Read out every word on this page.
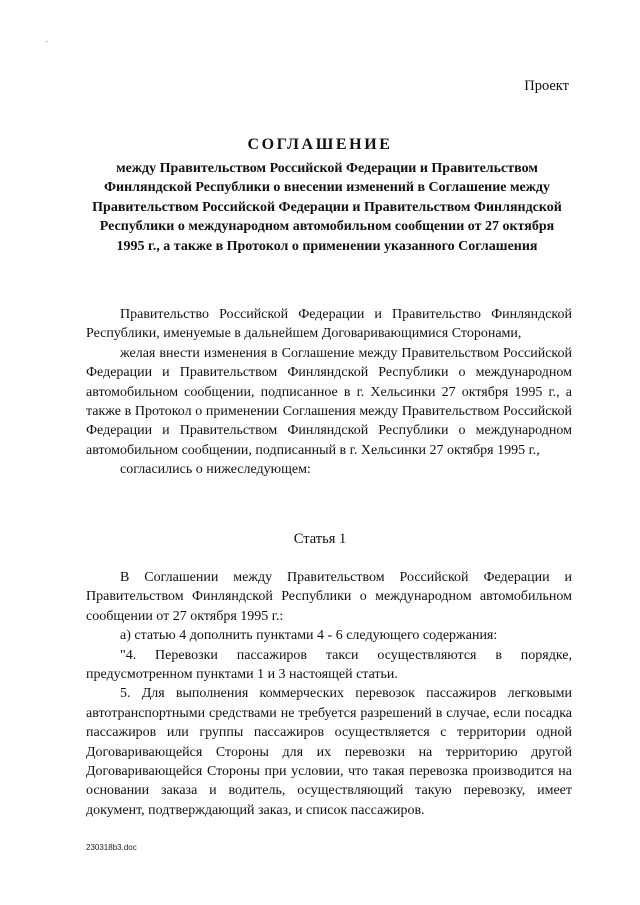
Проект
СОГЛАШЕНИЕ
между Правительством Российской Федерации и Правительством Финляндской Республики о внесении изменений в Соглашение между Правительством Российской Федерации и Правительством Финляндской Республики о международном автомобильном сообщении от 27 октября 1995 г., а также в Протокол о применении указанного Соглашения

Правительство Российской Федерации и Правительство Финляндской Республики, именуемые в дальнейшем Договаривающимися Сторонами,

желая внести изменения в Соглашение между Правительством Российской Федерации и Правительством Финляндской Республики о международном автомобильном сообщении, подписанное в г. Хельсинки 27 октября 1995 г., а также в Протокол о применении Соглашения между Правительством Российской Федерации и Правительством Финляндской Республики о международном автомобильном сообщении, подписанный в г. Хельсинки 27 октября 1995 г.,

согласились о нижеследующем:

Статья 1

В Соглашении между Правительством Российской Федерации и Правительством Финляндской Республики о международном автомобильном сообщении от 27 октября 1995 г.:

а) статью 4 дополнить пунктами 4 - 6 следующего содержания:

"4. Перевозки пассажиров такси осуществляются в порядке, предусмотренном пунктами 1 и 3 настоящей статьи.

5. Для выполнения коммерческих перевозок пассажиров легковыми автотранспортными средствами не требуется разрешений в случае, если посадка пассажиров или группы пассажиров осуществляется с территории одной Договаривающейся Стороны для их перевозки на территорию другой Договаривающейся Стороны при условии, что такая перевозка производится на основании заказа и водитель, осуществляющий такую перевозку, имеет документ, подтверждающий заказ, и список пассажиров.

230318b3.doc
